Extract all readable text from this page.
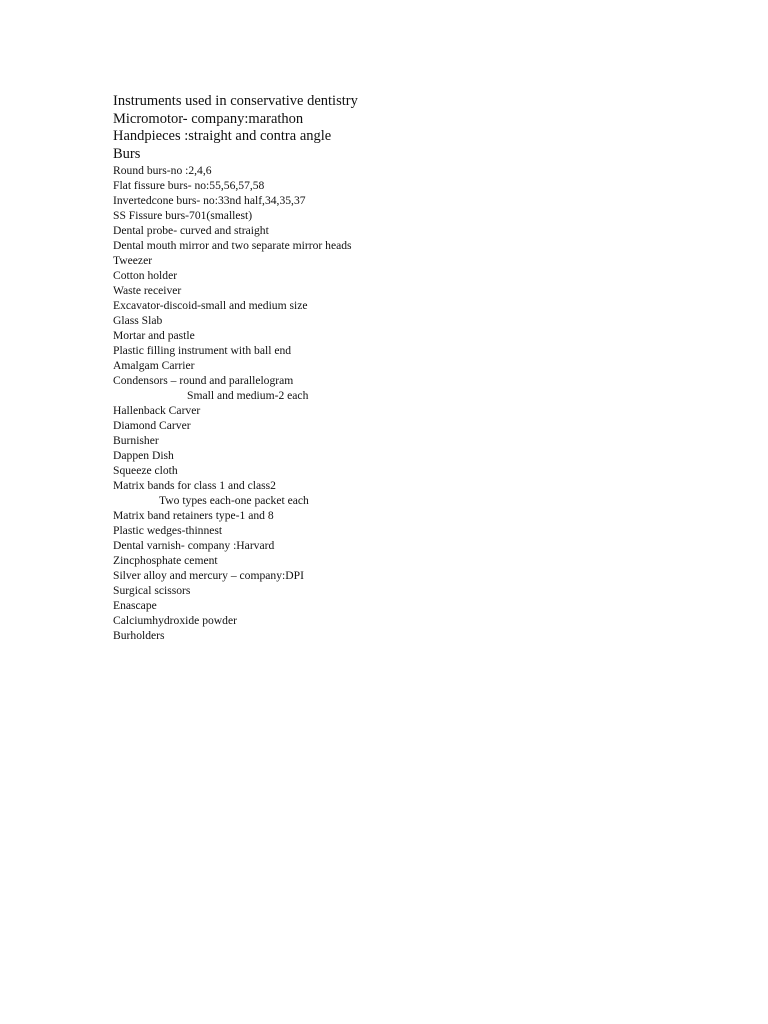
Instruments used in conservative dentistry
Micromotor- company:marathon
Handpieces :straight and contra angle
Burs
Round burs-no :2,4,6
Flat fissure burs- no:55,56,57,58
Invertedcone burs- no:33nd half,34,35,37
SS Fissure burs-701(smallest)
Dental probe- curved and straight
Dental mouth mirror and two separate mirror heads
Tweezer
Cotton holder
Waste receiver
Excavator-discoid-small and medium size
Glass Slab
Mortar and pastle
Plastic filling instrument with ball end
Amalgam Carrier
Condensors – round and parallelogram
Small and medium-2 each
Hallenback Carver
Diamond Carver
Burnisher
Dappen Dish
Squeeze cloth
Matrix bands for class 1 and class2
Two types each-one packet each
Matrix band retainers type-1 and 8
Plastic wedges-thinnest
Dental varnish- company :Harvard
Zincphosphate cement
Silver alloy and mercury – company:DPI
Surgical scissors
Enascape
Calciumhydroxide powder
Burholders
